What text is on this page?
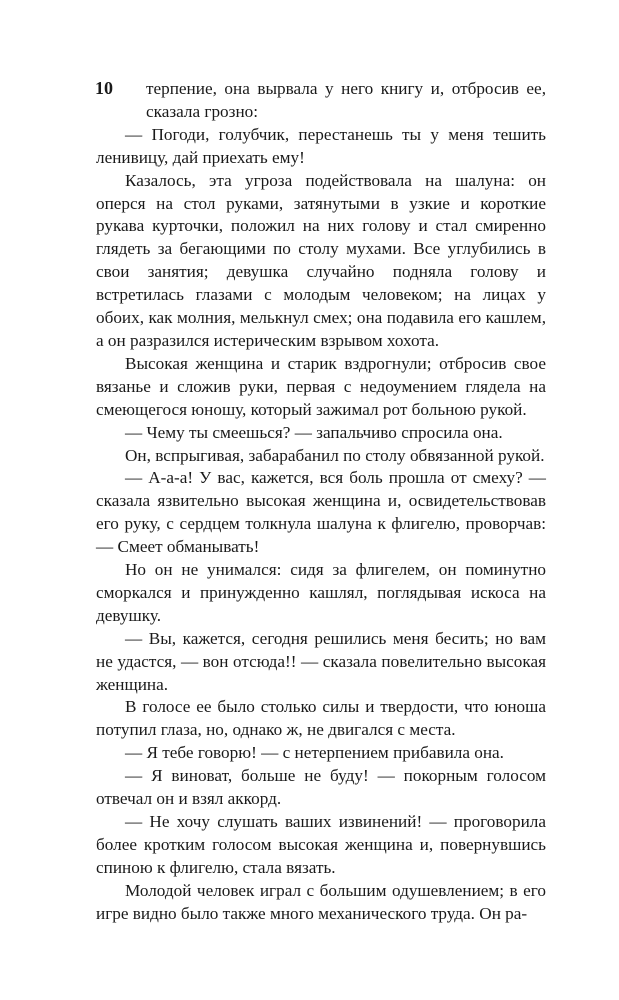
10	терпение, она вырвала у него книгу и, отбросив ее, сказала грозно:

— Погоди, голубчик, перестанешь ты у меня тешить ленивицу, дай приехать ему!

Казалось, эта угроза подействовала на шалуна: он оперся на стол руками, затянутыми в узкие и короткие рукава курточки, положил на них голову и стал смиренно глядеть за бегающими по столу мухами. Все углубились в свои занятия; девушка случайно подняла голову и встретилась глазами с молодым человеком; на лицах у обоих, как молния, мелькнул смех; она подавила его кашлем, а он разразился истерическим взрывом хохота.

Высокая женщина и старик вздрогнули; отбросив свое вязанье и сложив руки, первая с недоумением глядела на смеющегося юношу, который зажимал рот больною рукой.

— Чему ты смеешься? — запальчиво спросила она.

Он, вспрыгивая, забарабанил по столу обвязанной рукой.

— А-а-а! У вас, кажется, вся боль прошла от смеху? — сказала язвительно высокая женщина и, освидетельствовав его руку, с сердцем толкнула шалуна к флигелю, проворчав: — Смеет обманывать!

Но он не унимался: сидя за флигелем, он поминутно сморкался и принужденно кашлял, поглядывая искоса на девушку.

— Вы, кажется, сегодня решились меня бесить; но вам не удастся, — вон отсюда!! — сказала повелительно высокая женщина.

В голосе ее было столько силы и твердости, что юноша потупил глаза, но, однако ж, не двигался с места.

— Я тебе говорю! — с нетерпением прибавила она.

— Я виноват, больше не буду! — покорным голосом отвечал он и взял аккорд.

— Не хочу слушать ваших извинений! — проговорила более кротким голосом высокая женщина и, повернувшись спиною к флигелю, стала вязать.

Молодой человек играл с большим одушевлением; в его игре видно было также много механического труда. Он ра-
